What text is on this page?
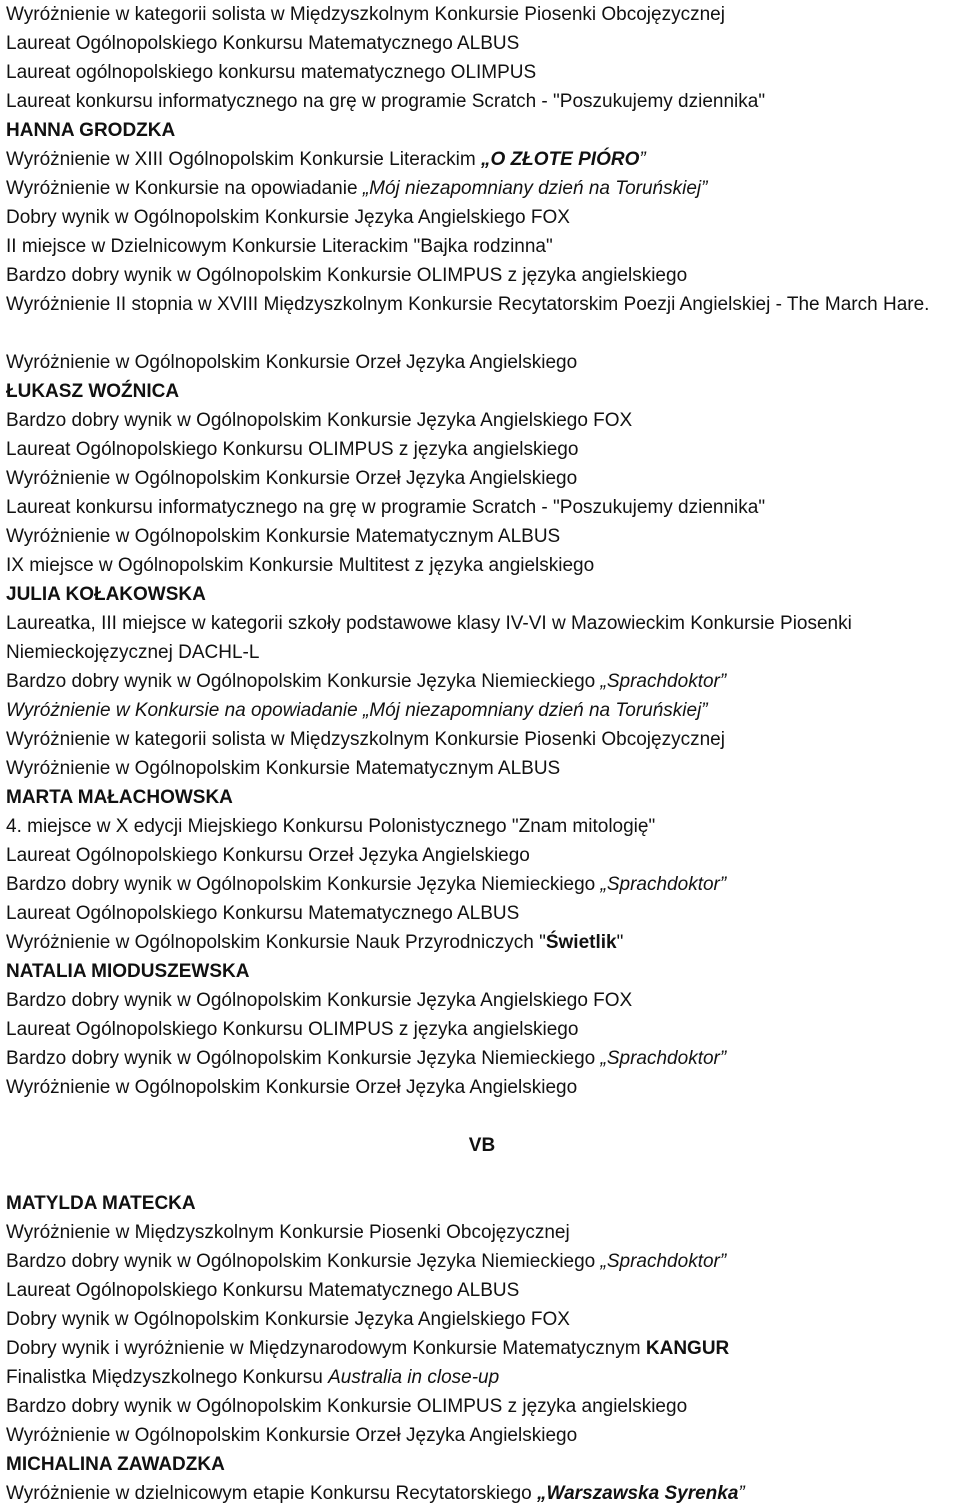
Wyróżnienie w kategorii solista w Międzyszkolnym Konkursie Piosenki Obcojęzycznej
Laureat Ogólnopolskiego Konkursu Matematycznego ALBUS
Laureat ogólnopolskiego konkursu matematycznego OLIMPUS
Laureat konkursu informatycznego na grę w programie Scratch - "Poszukujemy dziennika"
HANNA GRODZKA
Wyróżnienie w XIII Ogólnopolskim Konkursie Literackim „O ZŁOTE PIÓRO”
Wyróżnienie w Konkursie na opowiadanie „Mój niezapomniany dzień na Toruńskiej”
Dobry wynik w Ogólnopolskim Konkursie Języka Angielskiego FOX
II miejsce w Dzielnicowym Konkursie Literackim "Bajka rodzinna"
Bardzo dobry wynik w Ogólnopolskim Konkursie OLIMPUS z języka angielskiego
Wyróżnienie II stopnia w XVIII Międzyszkolnym Konkursie Recytatorskim Poezji Angielskiej - The March Hare.
Wyróżnienie w Ogólnopolskim Konkursie Orzeł Języka Angielskiego
ŁUKASZ WOŹNICA
Bardzo dobry wynik w Ogólnopolskim Konkursie Języka Angielskiego FOX
Laureat Ogólnopolskiego Konkursu OLIMPUS z języka angielskiego
Wyróżnienie w Ogólnopolskim Konkursie Orzeł Języka Angielskiego
Laureat konkursu informatycznego na grę w programie Scratch - "Poszukujemy dziennika"
Wyróżnienie w Ogólnopolskim Konkursie Matematycznym ALBUS
IX miejsce w Ogólnopolskim Konkursie Multitest z języka angielskiego
JULIA KOŁAKOWSKA
Laureatka, III miejsce w kategorii szkoły podstawowe klasy IV-VI w Mazowieckim Konkursie Piosenki Niemieckojęzycznej DACHL-L
Bardzo dobry wynik w Ogólnopolskim Konkursie Języka Niemieckiego „Sprachdoktor”
Wyróżnienie w Konkursie na opowiadanie „Mój niezapomniany dzień na Toruńskiej”
Wyróżnienie w kategorii solista w Międzyszkolnym Konkursie Piosenki Obcojęzycznej
Wyróżnienie w Ogólnopolskim Konkursie Matematycznym ALBUS
MARTA MAŁACHOWSKA
4. miejsce w X edycji Miejskiego Konkursu Polonistycznego "Znam mitologię"
Laureat Ogólnopolskiego Konkursu Orzeł Języka Angielskiego
Bardzo dobry wynik w Ogólnopolskim Konkursie Języka Niemieckiego „Sprachdoktor”
Laureat Ogólnopolskiego Konkursu Matematycznego ALBUS
Wyróżnienie w Ogólnopolskim Konkursie Nauk Przyrodniczych "Świetlik"
NATALIA MIODUSZEWSKA
Bardzo dobry wynik w Ogólnopolskim Konkursie Języka Angielskiego FOX
Laureat Ogólnopolskiego Konkursu OLIMPUS z języka angielskiego
Bardzo dobry wynik w Ogólnopolskim Konkursie Języka Niemieckiego „Sprachdoktor”
Wyróżnienie w Ogólnopolskim Konkursie Orzeł Języka Angielskiego
VB
MATYLDA MATECKA
Wyróżnienie w Międzyszkolnym Konkursie Piosenki Obcojęzycznej
Bardzo dobry wynik w Ogólnopolskim Konkursie Języka Niemieckiego „Sprachdoktor”
Laureat Ogólnopolskiego Konkursu Matematycznego ALBUS
Dobry wynik w Ogólnopolskim Konkursie Języka Angielskiego FOX
Dobry wynik i wyróżnienie w Międzynarodowym Konkursie Matematycznym KANGUR
Finalistka Międzyszkolnego Konkursu Australia in close-up
Bardzo dobry wynik w Ogólnopolskim Konkursie OLIMPUS z języka angielskiego
Wyróżnienie w Ogólnopolskim Konkursie Orzeł Języka Angielskiego
MICHALINA ZAWADZKA
Wyróżnienie w dzielnicowym etapie Konkursu Recytatorskiego „Warszawska Syrenka”
